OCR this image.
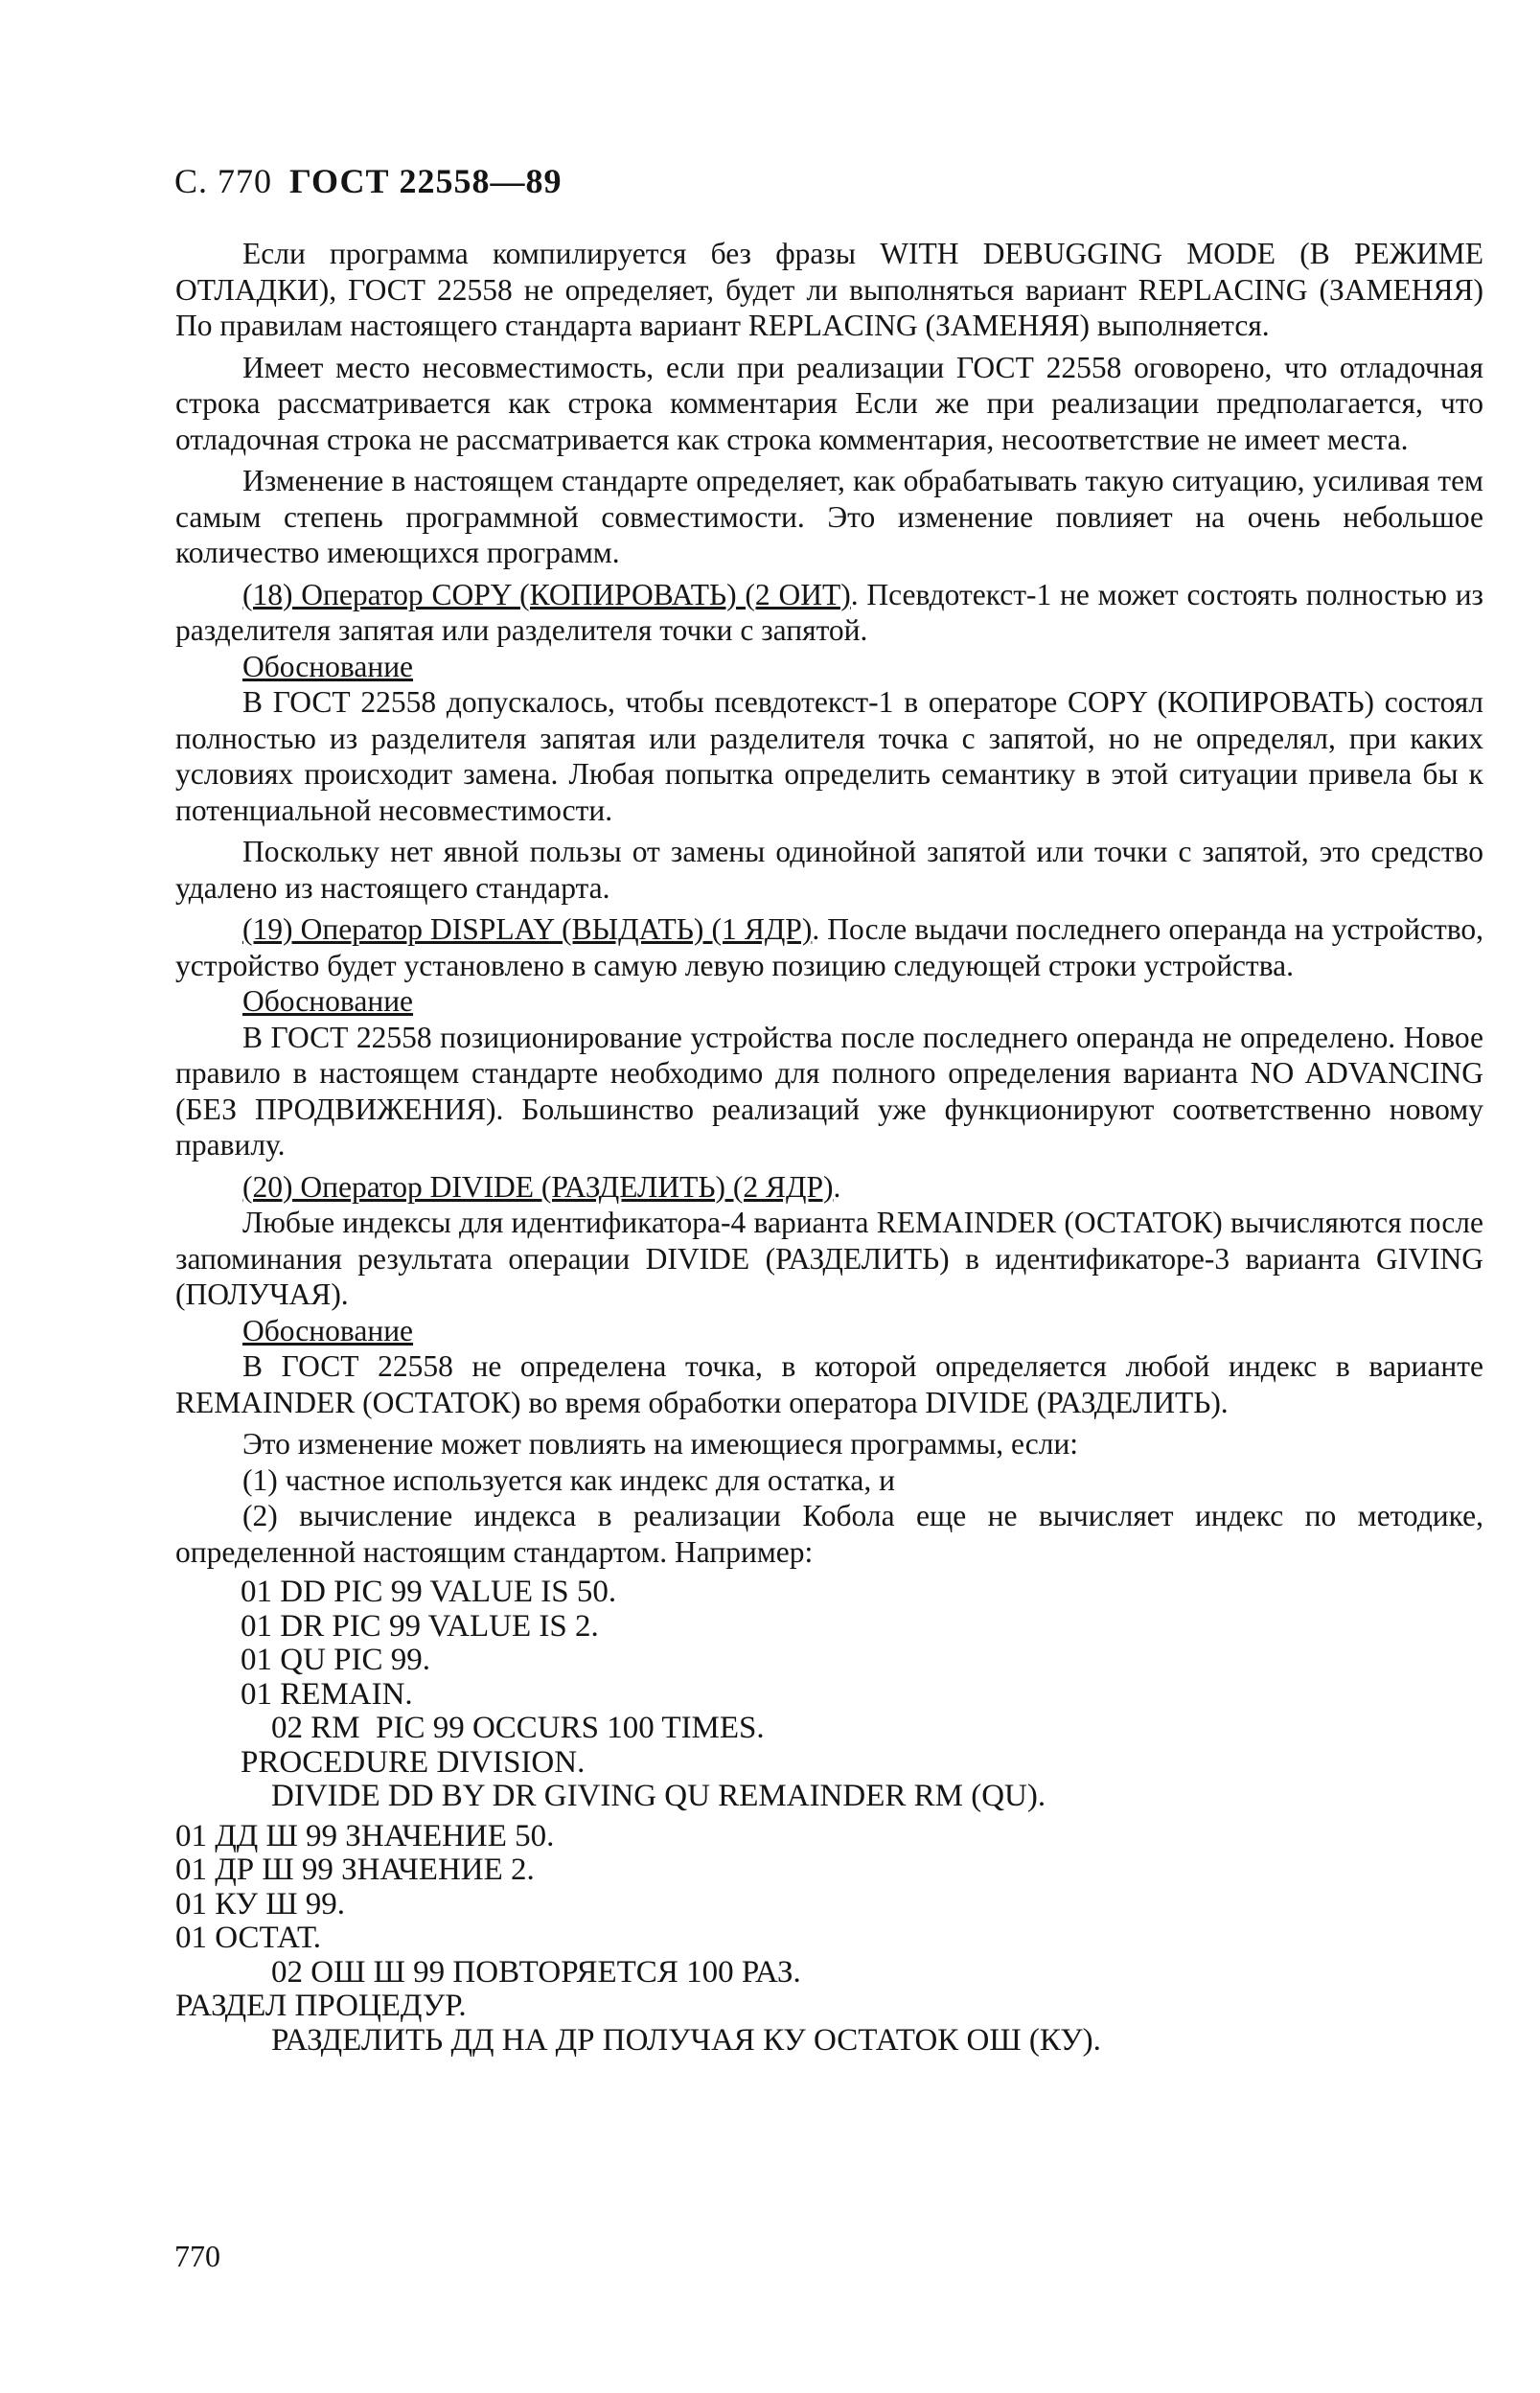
С. 770 ГОСТ 22558—89

Если программа компилируется без фразы WITH DEBUGGING MODE (В РЕЖИМЕ ОТЛАДКИ), ГОСТ 22558 не определяет, будет ли выполняться вариант REPLACING (ЗАМЕНЯЯ) По правилам настоящего стандарта вариант REPLACING (ЗАМЕНЯЯ) выполняется.

Имеет место несовместимость, если при реализации ГОСТ 22558 оговорено, что отладочная строка рассматривается как строка комментария Если же при реализации предполагается, что отладочная строка не рассматривается как строка комментария, несоответствие не имеет места.

Изменение в настоящем стандарте определяет, как обрабатывать такую ситуацию, усиливая тем самым степень программной совместимости. Это изменение повлияет на очень небольшое количество имеющихся программ.

(18) Оператор COPY (КОПИРОВАТЬ) (2 ОИТ). Псевдотекст-1 не может состоять полностью из разделителя запятая или разделителя точки с запятой.

Обоснование

В ГОСТ 22558 допускалось, чтобы псевдотекст-1 в операторе COPY (КОПИРОВАТЬ) состоял полностью из разделителя запятая или разделителя точка с запятой, но не определял, при каких условиях происходит замена. Любая попытка определить семантику в этой ситуации привела бы к потенциальной несовместимости.

Поскольку нет явной пользы от замены одинойной запятой или точки с запятой, это средство удалено из настоящего стандарта.

(19) Оператор DISPLAY (ВЫДАТЬ) (1 ЯДР). После выдачи последнего операнда на устройство, устройство будет установлено в самую левую позицию следующей строки устройства.

Обоснование

В ГОСТ 22558 позиционирование устройства после последнего операнда не определено. Новое правило в настоящем стандарте необходимо для полного определения варианта NO ADVANCING (БЕЗ ПРОДВИЖЕНИЯ). Большинство реализаций уже функционируют соответственно новому правилу.

(20) Оператор DIVIDE (РАЗДЕЛИТЬ) (2 ЯДР).

Любые индексы для идентификатора-4 варианта REMAINDER (ОСТАТОК) вычисляются после запоминания результата операции DIVIDE (РАЗДЕЛИТЬ) в идентификаторе-3 варианта GIVING (ПОЛУЧАЯ).

Обоснование

В ГОСТ 22558 не определена точка, в которой определяется любой индекс в варианте REMAINDER (ОСТАТОК) во время обработки оператора DIVIDE (РАЗДЕЛИТЬ).

Это изменение может повлиять на имеющиеся программы, если:

(1) частное используется как индекс для остатка, и

(2) вычисление индекса в реализации Кобола еще не вычисляет индекс по методике, определенной настоящим стандартом. Например:

01 DD PIC 99 VALUE IS 50.
01 DR PIC 99 VALUE IS 2.
01 QU PIC 99.
01 REMAIN.
02 RM  PIC 99 OCCURS 100 TIMES.
PROCEDURE DIVISION.
DIVIDE DD BY DR GIVING QU REMAINDER RM (QU).
01 ДД Ш 99 ЗНАЧЕНИЕ 50.
01 ДР Ш 99 ЗНАЧЕНИЕ 2.
01 КУ Ш 99.
01 ОСТАТ.
02 ОШ Ш 99 ПОВТОРЯЕТСЯ 100 РАЗ.
РАЗДЕЛ ПРОЦЕДУР.
РАЗДЕЛИТЬ ДД НА ДР ПОЛУЧАЯ КУ ОСТАТОК ОШ (КУ).
770
